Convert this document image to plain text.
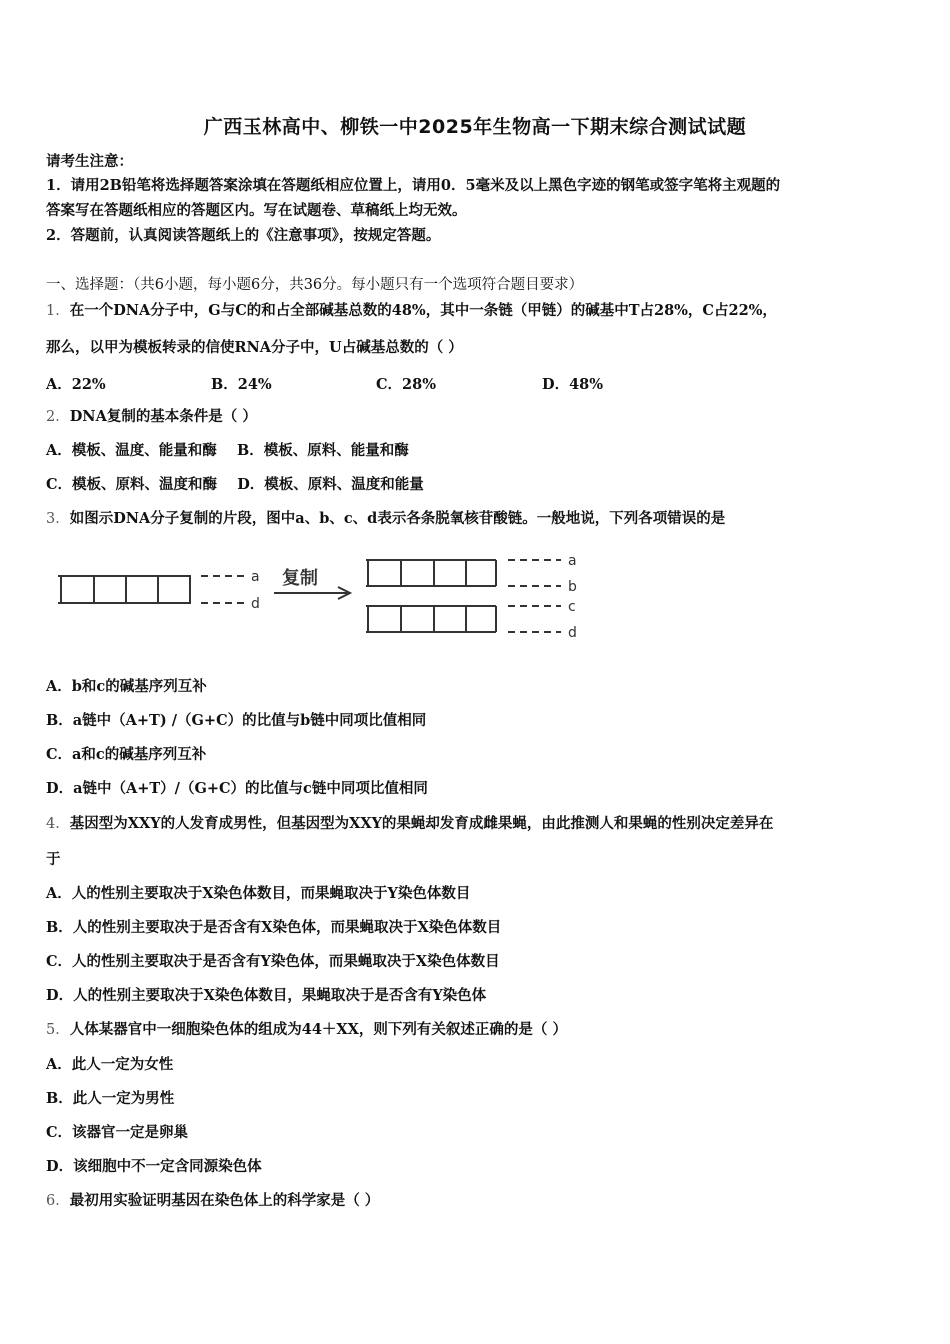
广西玉林高中、柳铁一中2025年生物高一下期末综合测试试题
请考生注意：
1．请用2B铅笔将选择题答案涂填在答题纸相应位置上，请用0．5毫米及以上黑色字迹的钢笔或签字笔将主观题的
答案写在答题纸相应的答题区内。写在试题卷、草稿纸上均无效。
2．答题前，认真阅读答题纸上的《注意事项》，按规定答题。
一、选择题：（共6小题，每小题6分，共36分。每小题只有一个选项符合题目要求）
1．在一个DNA分子中，G与C的和占全部碱基总数的48%，其中一条链（甲链）的碱基中T占28%，C占22%，
那么，以甲为模板转录的信使RNA分子中，U占碱基总数的（ ）
A．22%	B．24%	C．28%	D．48%
2．DNA复制的基本条件是（ ）
A．模板、温度、能量和酶    B．模板、原料、能量和酶
C．模板、原料、温度和酶    D．模板、原料、温度和能量
3．如图示DNA分子复制的片段，图中a、b、c、d表示各条脱氧核苷酸链。一般地说，下列各项错误的是
a
d
复制
a
b
c
d
A．b和c的碱基序列互补
B．a链中（A+T) /（G+C）的比值与b链中同项比值相同
C．a和c的碱基序列互补
D．a链中（A+T）/（G+C）的比值与c链中同项比值相同
4．基因型为XXY的人发育成男性，但基因型为XXY的果蝇却发育成雌果蝇，由此推测人和果蝇的性别决定差异在
于
A．人的性别主要取决于X染色体数目，而果蝇取决于Y染色体数目
B．人的性别主要取决于是否含有X染色体，而果蝇取决于X染色体数目
C．人的性别主要取决于是否含有Y染色体，而果蝇取决于X染色体数目
D．人的性别主要取决于X染色体数目，果蝇取决于是否含有Y染色体
5．人体某器官中一细胞染色体的组成为44＋XX，则下列有关叙述正确的是（ ）
A．此人一定为女性
B．此人一定为男性
C．该器官一定是卵巢
D．该细胞中不一定含同源染色体
6．最初用实验证明基因在染色体上的科学家是（ ）
